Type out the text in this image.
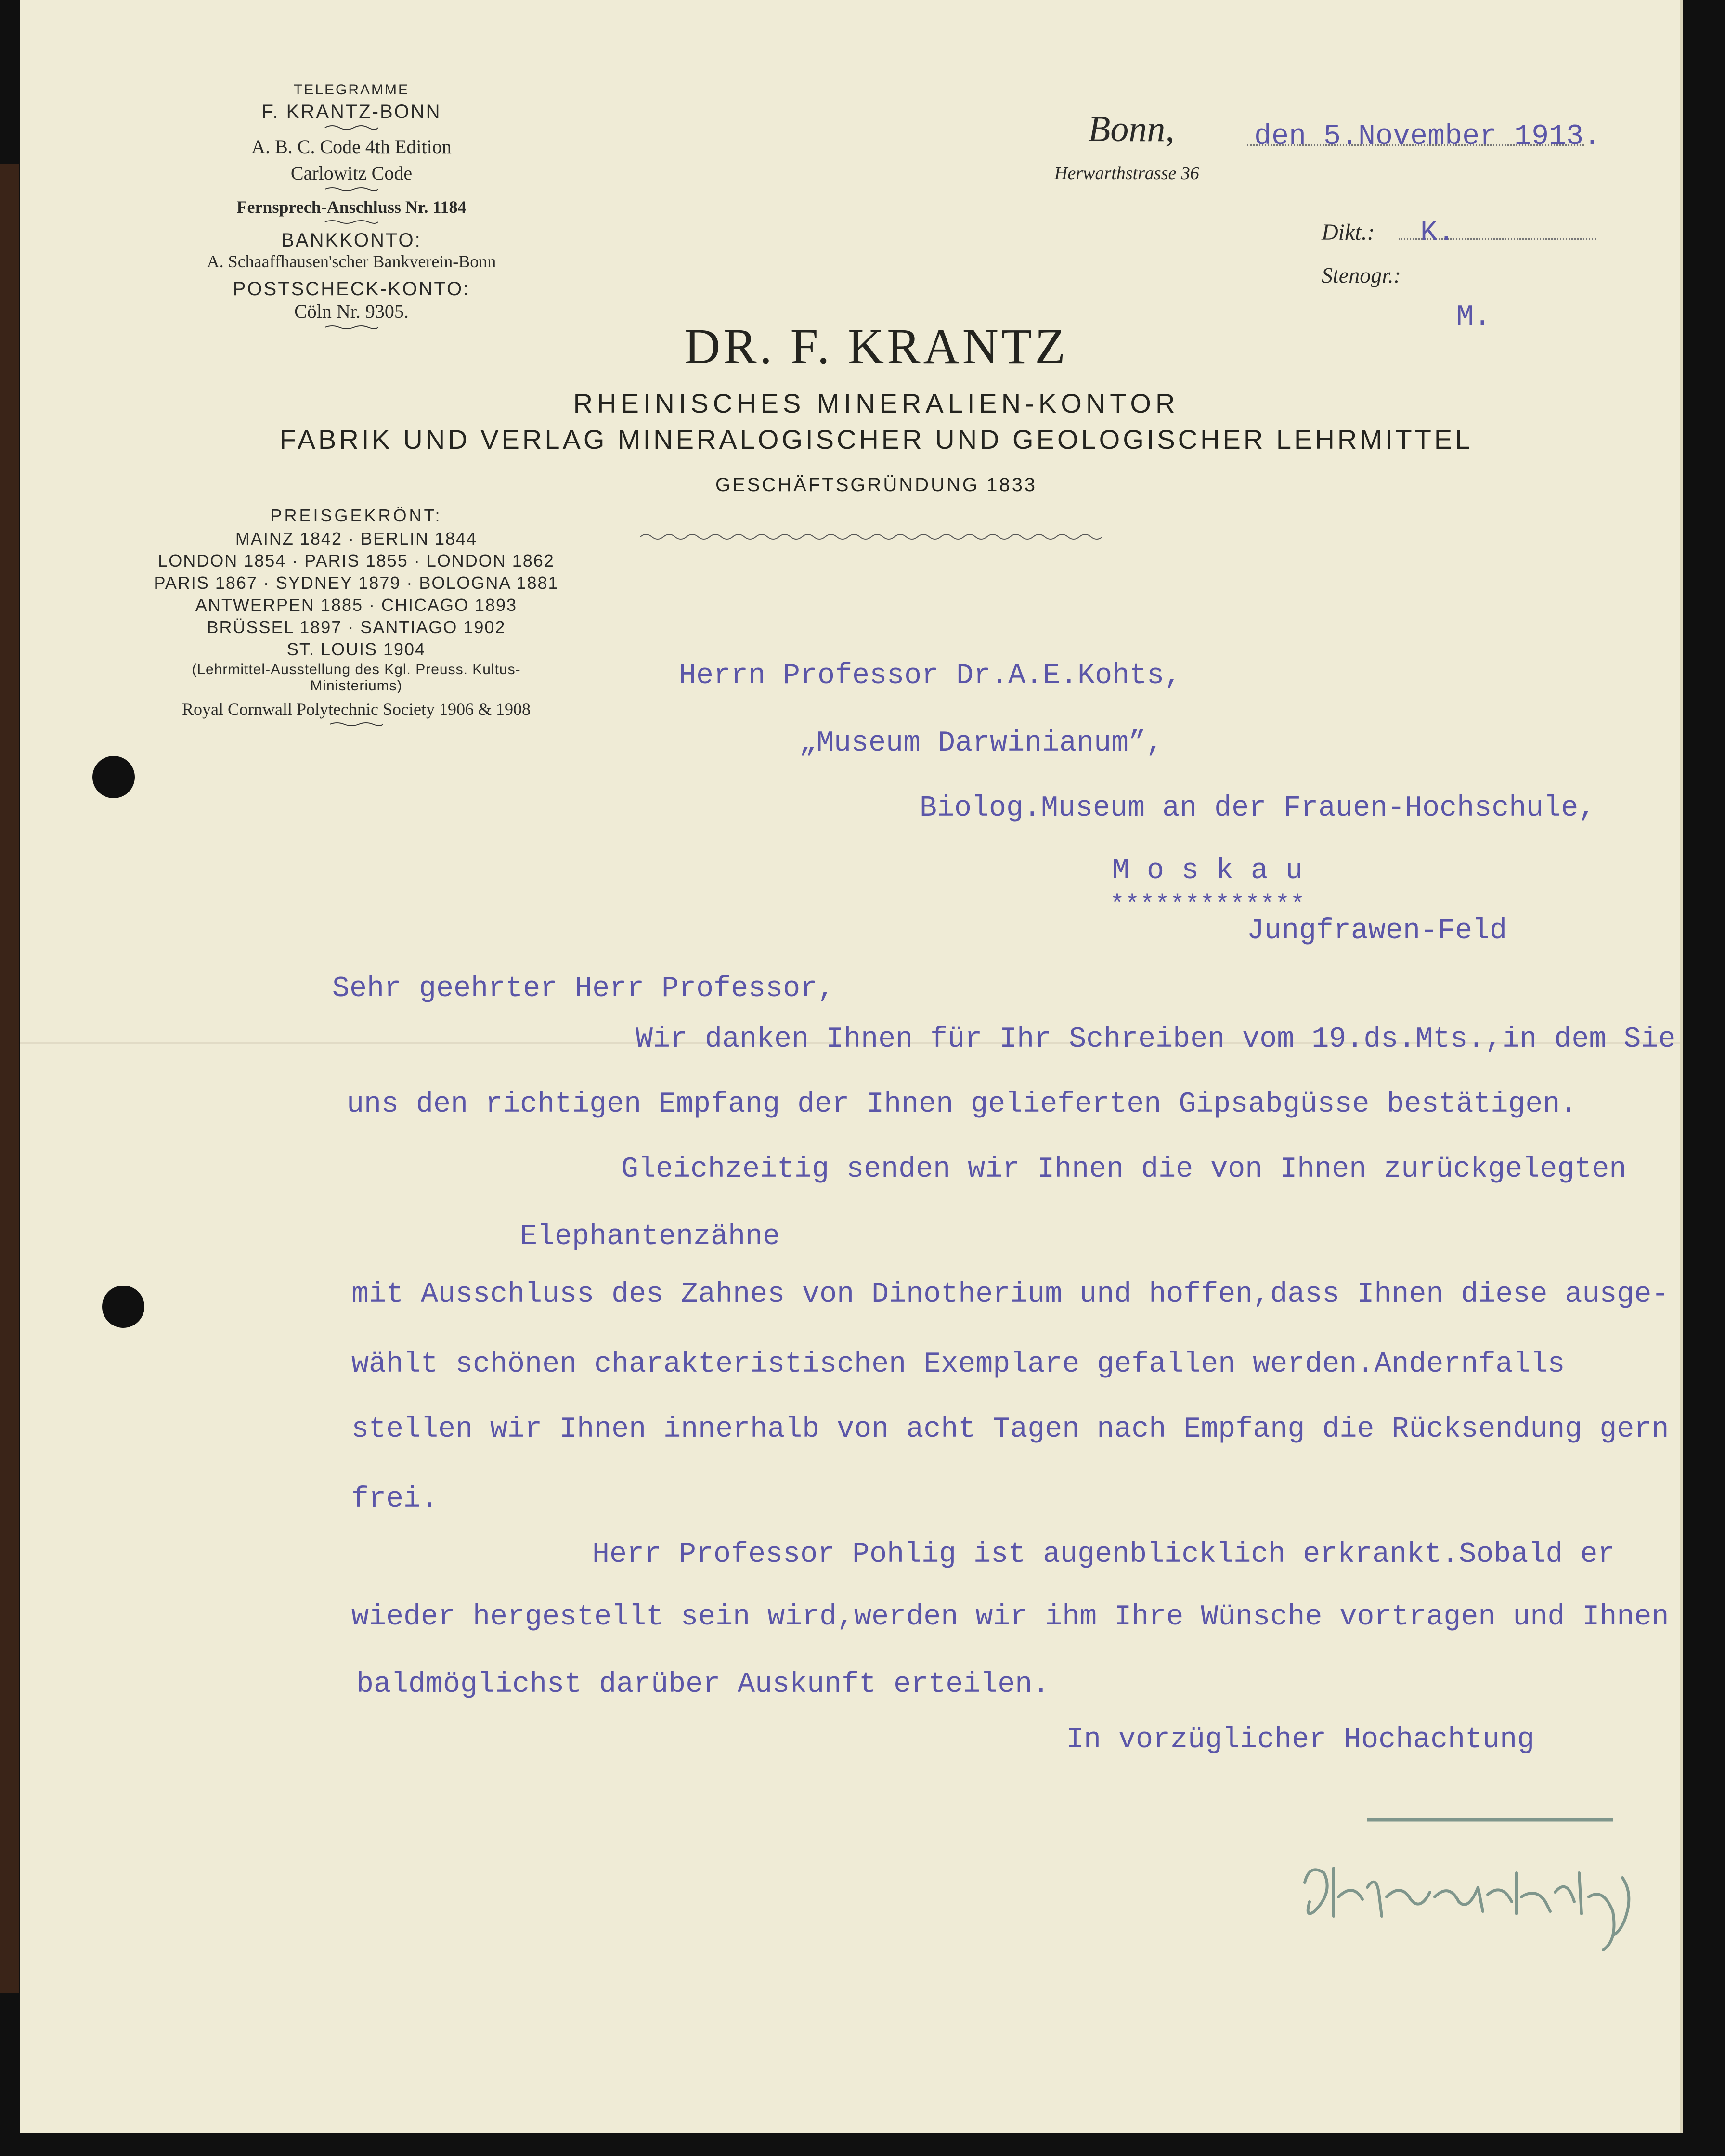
TELEGRAMME
F. KRANTZ-BONN
A. B. C. Code 4th Edition
Carlowitz Code
Fernsprech-Anschluss Nr. 1184
BANKKONTO:
A. Schaaffhausen'scher Bankverein-Bonn
POSTSCHECK-KONTO:
Cöln Nr. 9305.
PREISGEKRÖNT:
MAINZ 1842 · BERLIN 1844
LONDON 1854 · PARIS 1855 · LONDON 1862
PARIS 1867 · SYDNEY 1879 · BOLOGNA 1881
ANTWERPEN 1885 · CHICAGO 1893
BRÜSSEL 1897 · SANTIAGO 1902
ST. LOUIS 1904
(Lehrmittel-Ausstellung des Kgl. Preuss. Kultus-
Ministeriums)
Royal Cornwall Polytechnic Society 1906 & 1908
DR. F. KRANTZ
RHEINISCHES MINERALIEN-KONTOR
FABRIK UND VERLAG MINERALOGISCHER UND GEOLOGISCHER LEHRMITTEL
GESCHÄFTSGRÜNDUNG 1833
Bonn,
Herwarthstrasse 36
Dikt.:
Stenogr.:
den 5.November 1913.
K.
M.
Herrn Professor Dr.A.E.Kohts,
„Museum Darwinianum”,
Biolog.Museum an der Frauen-Hochschule,
M o s k a u
*************
Jungfrawen-Feld
Sehr geehrter Herr Professor,
Wir danken Ihnen für Ihr Schreiben vom 19.ds.Mts.,in dem Sie
uns den richtigen Empfang der Ihnen gelieferten Gipsabgüsse bestätigen.
Gleichzeitig senden wir Ihnen die von Ihnen zurückgelegten
Elephantenzähne
mit Ausschluss des Zahnes von Dinotherium und hoffen,dass Ihnen diese ausge-
wählt schönen charakteristischen Exemplare gefallen werden.Andernfalls
stellen wir Ihnen innerhalb von acht Tagen nach Empfang die Rücksendung gern
frei.
Herr Professor Pohlig ist augenblicklich erkrankt.Sobald er
wieder hergestellt sein wird,werden wir ihm Ihre Wünsche vortragen und Ihnen
baldmöglichst darüber Auskunft erteilen.
In vorzüglicher Hochachtung
